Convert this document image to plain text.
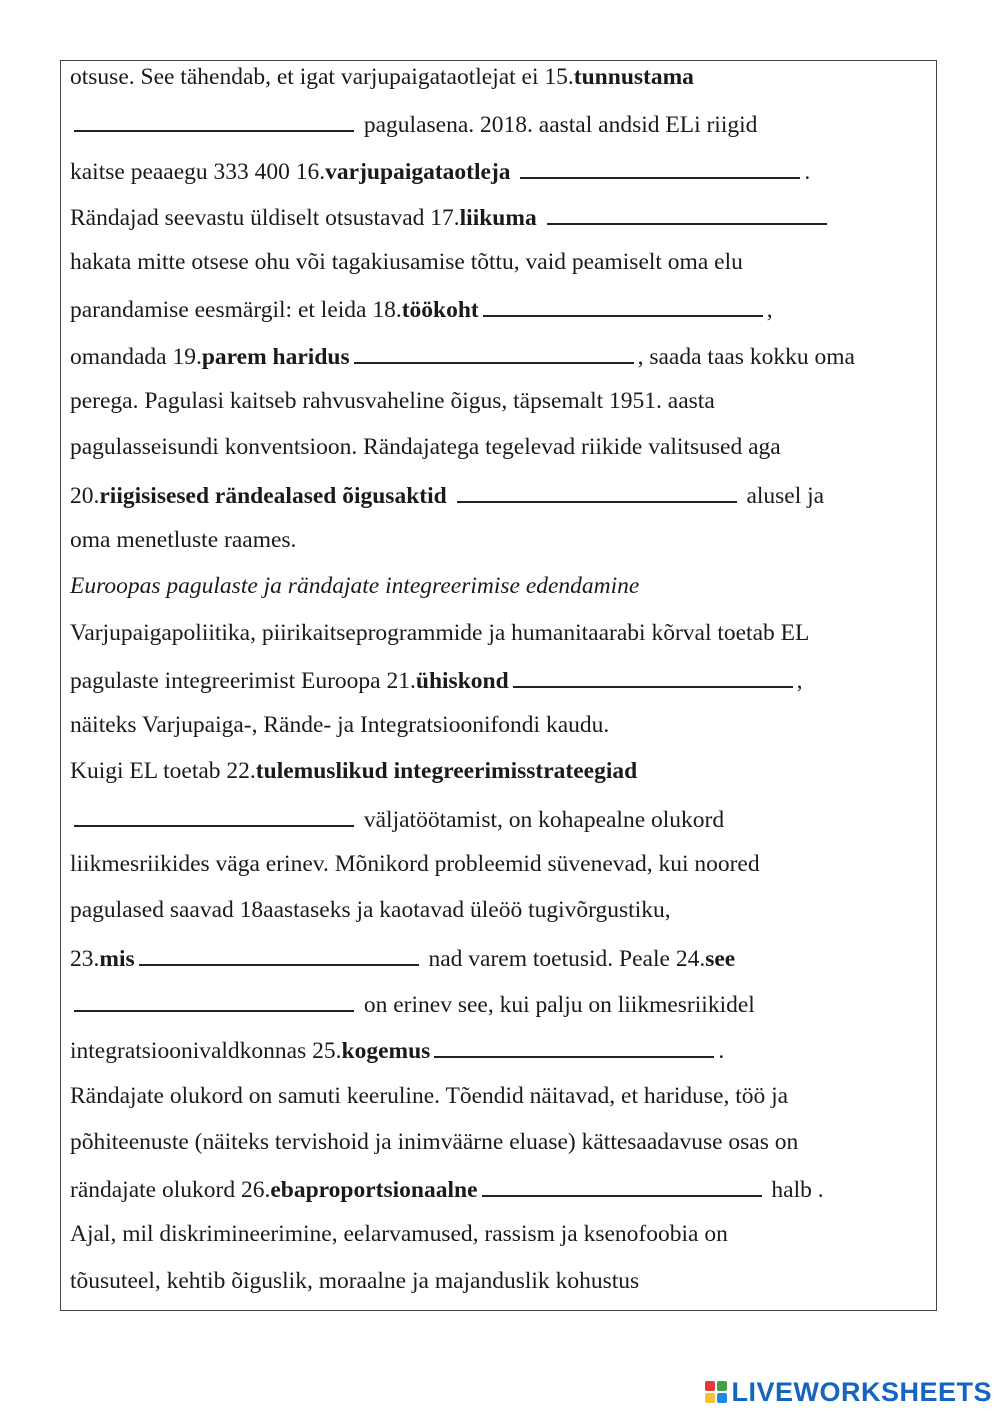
otsuse. See tähendab, et igat varjupaigataotlejat ei 15.tunnustama
pagulasena. 2018. aastal andsid ELi riigid
kaitse peaaegu 333 400 16.varjupaigataotleja	.
Rändajad seevastu üldiselt otsustavad 17.liikuma
hakata mitte otsese ohu või tagakiusamise tõttu, vaid peamiselt oma elu
parandamise eesmärgil: et leida 18.töökoht	,
omandada 19.parem haridus	, saada taas kokku oma
perega. Pagulasi kaitseb rahvusvaheline õigus, täpsemalt 1951. aasta
pagulasseisundi konventsioon. Rändajatega tegelevad riikide valitsused aga
20.riigisisesed rändealased õigusaktid	alusel ja
oma menetluste raames.
Euroopas pagulaste ja rändajate integreerimise edendamine
Varjupaigapoliitika, piirikaitseprogrammide ja humanitaarabi kõrval toetab EL
pagulaste integreerimist Euroopa 21.ühiskond	,
näiteks Varjupaiga-, Rände- ja Integratsioonifondi kaudu.
Kuigi EL toetab 22.tulemuslikud integreerimisstrateegiad
väljatöötamist, on kohapealne olukord
liikmesriikides väga erinev. Mõnikord probleemid süvenevad, kui noored
pagulased saavad 18aastaseks ja kaotavad üleöö tugivõrgustiku,
23.mis	nad varem toetusid. Peale 24.see
on erinev see, kui palju on liikmesriikidel
integratsioonivaldkonnas 25.kogemus	.
Rändajate olukord on samuti keeruline. Tõendid näitavad, et hariduse, töö ja
põhiteenuste (näiteks tervishoid ja inimväärne eluase) kättesaadavuse osas on
rändajate olukord 26.ebaproportsionaalne	halb .
Ajal, mil diskrimineerimine, eelarvamused, rassism ja ksenofoobia on
tõusuteel, kehtib õiguslik, moraalne ja majanduslik kohustus
LIVEWORKSHEETS
